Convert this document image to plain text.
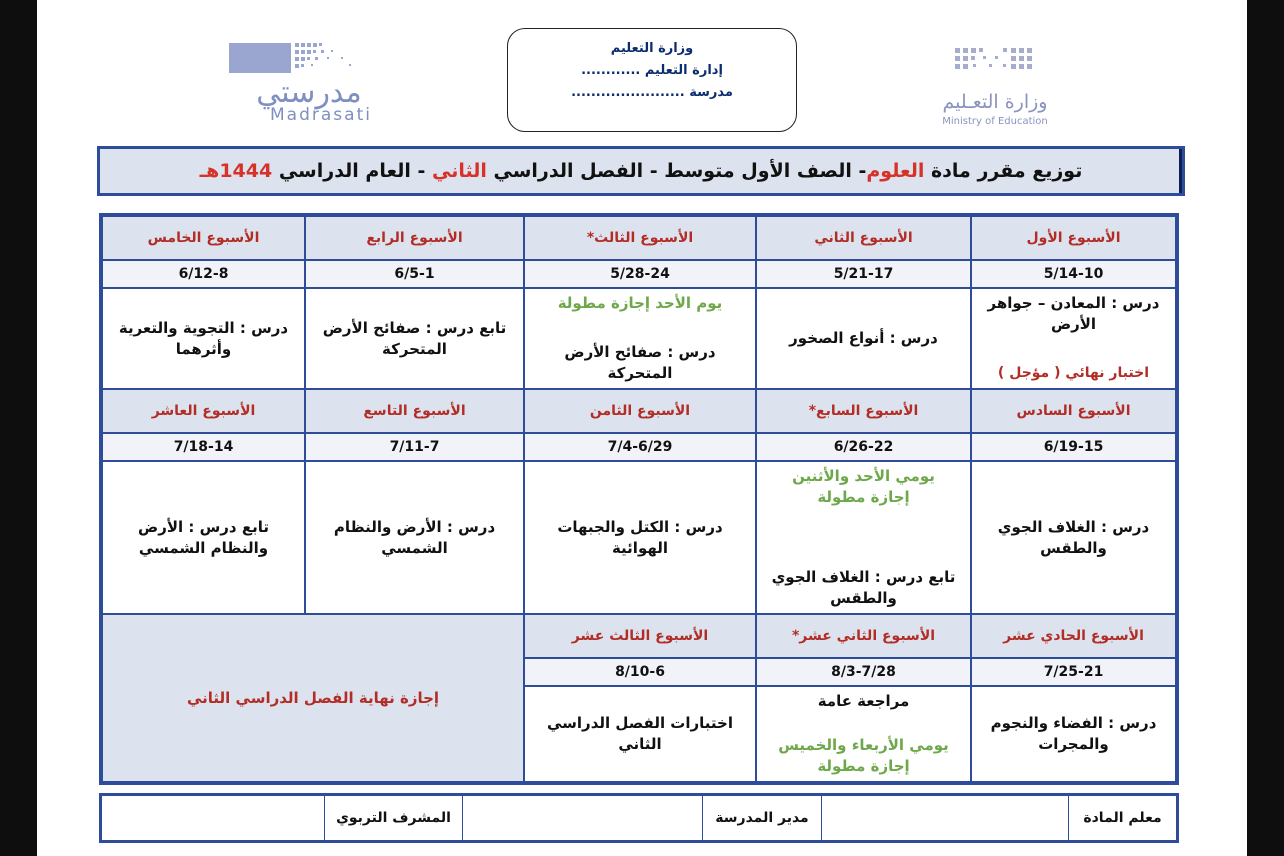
مدرستي
Madrasati
وزارة التعليم
إدارة التعليم ............
مدرسة .......................	وزارة التعـليم
Ministry of Education
توزيع مقرر مادة العلوم- الصف الأول متوسط - الفصل الدراسي الثاني - العام الدراسي 1444هـ
الأسبوع الأول
الأسبوع الثاني
الأسبوع الثالث*
الأسبوع الرابع
الأسبوع الخامس
5/14-10
5/21-17
5/28-24
6/5-1
6/12-8
درس : المعادن – جواهر
الأرض
اختبار نهائي ( مؤجل )
درس : أنواع الصخور
يوم الأحد إجازة مطولة
درس : صفائح الأرض
المتحركة
تابع درس : صفائح الأرض
المتحركة
درس : التجوية والتعرية
وأثرهما
الأسبوع السادس
الأسبوع السابع*
الأسبوع الثامن
الأسبوع التاسع
الأسبوع العاشر
6/19-15
6/26-22
7/4-6/29
7/11-7
7/18-14
درس : الغلاف الجوي
والطقس
يومي الأحد والأثنين
إجازة مطولة
تابع درس : الغلاف الجوي
والطقس
درس : الكتل والجبهات
الهوائية
درس : الأرض والنظام
الشمسي
تابع درس : الأرض
والنظام الشمسي
الأسبوع الحادي عشر
الأسبوع الثاني عشر*
الأسبوع الثالث عشر
7/25-21
8/3-7/28
8/10-6
درس : الفضاء والنجوم
والمجرات
مراجعة عامة
يومي الأربعاء والخميس
إجازة مطولة
اختبارات الفصل الدراسي الثاني
إجازة نهاية الفصل الدراسي الثاني
معلم المادة
مدير المدرسة
المشرف التربوي
